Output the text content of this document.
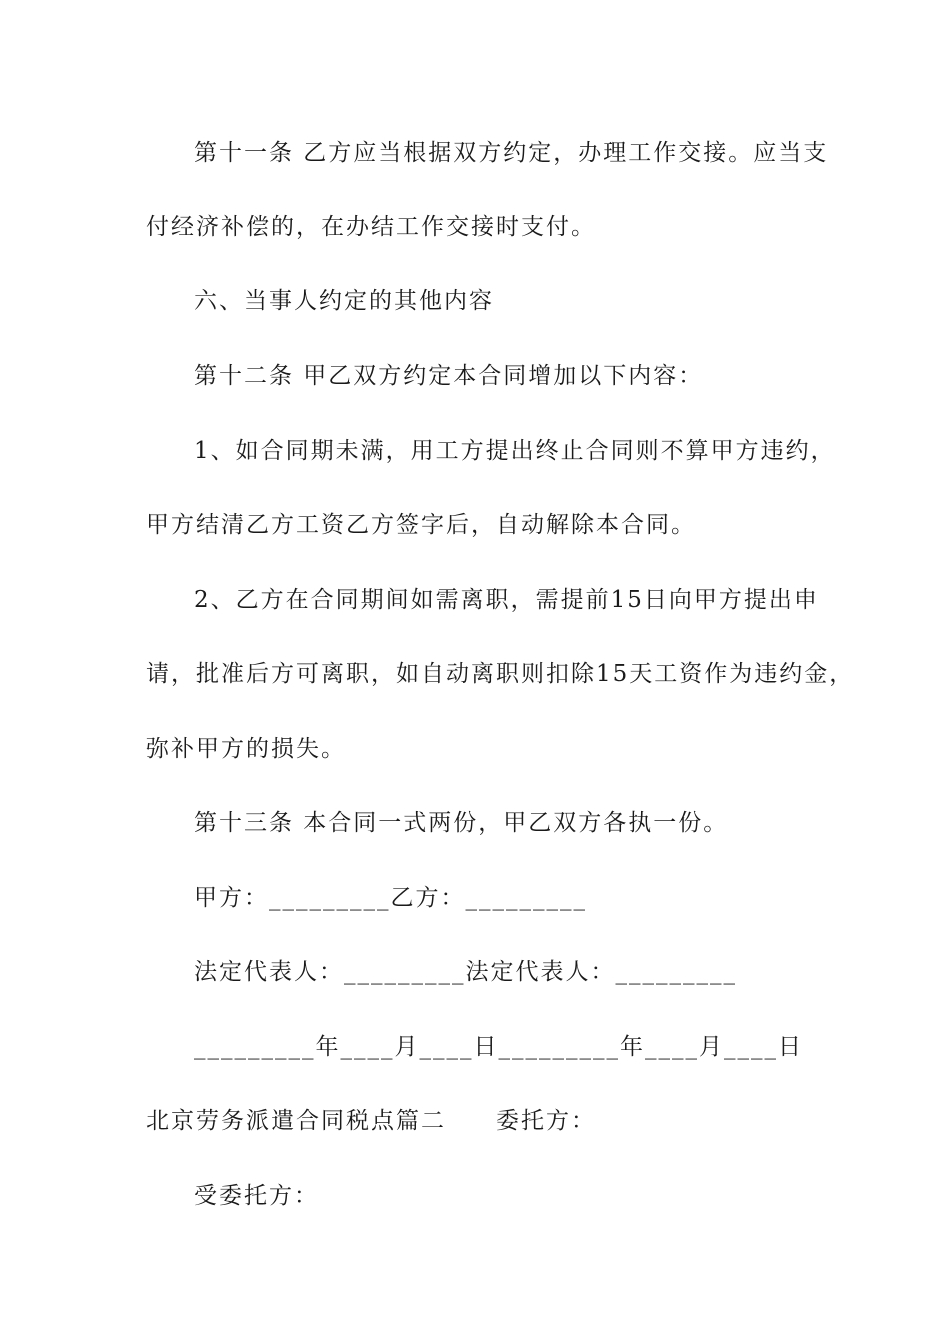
第十一条 乙方应当根据双方约定，办理工作交接。应当支
付经济补偿的，在办结工作交接时支付。
六、当事人约定的其他内容
第十二条 甲乙双方约定本合同增加以下内容：
1、如合同期未满，用工方提出终止合同则不算甲方违约，
甲方结清乙方工资乙方签字后，自动解除本合同。
2、乙方在合同期间如需离职，需提前15日向甲方提出申
请，批准后方可离职，如自动离职则扣除15天工资作为违约金，
弥补甲方的损失。
第十三条 本合同一式两份，甲乙双方各执一份。
甲方：_________乙方：_________
法定代表人：_________法定代表人：_________
_________年____月____日_________年____月____日
北京劳务派遣合同税点篇二　　委托方：
受委托方：
